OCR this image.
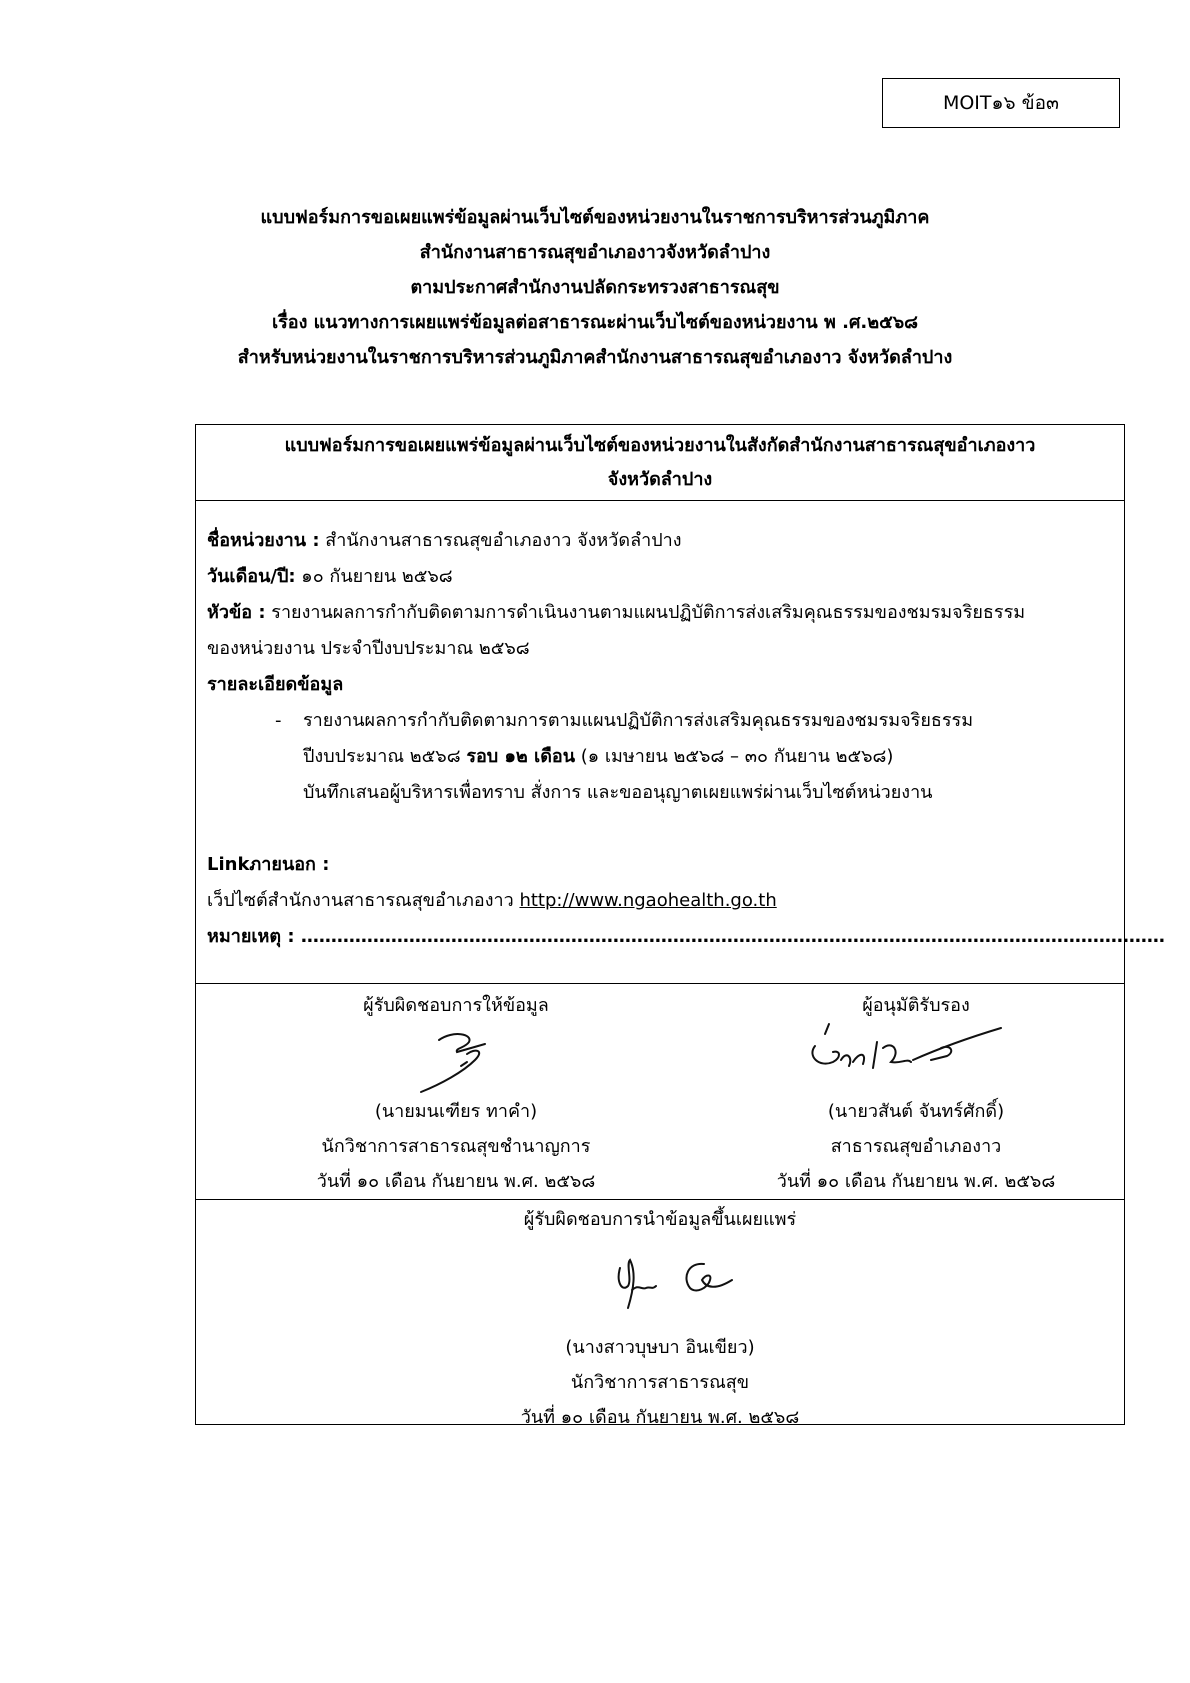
MOIT๑๖ ข้อ๓
แบบฟอร์มการขอเผยแพร่ข้อมูลผ่านเว็บไซต์ของหน่วยงานในราชการบริหารส่วนภูมิภาค
สำนักงานสาธารณสุขอำเภองาวจังหวัดลำปาง
ตามประกาศสำนักงานปลัดกระทรวงสาธารณสุข
เรื่อง แนวทางการเผยแพร่ข้อมูลต่อสาธารณะผ่านเว็บไซต์ของหน่วยงาน พ .ศ.๒๕๖๘
สำหรับหน่วยงานในราชการบริหารส่วนภูมิภาคสำนักงานสาธารณสุขอำเภองาว จังหวัดลำปาง
แบบฟอร์มการขอเผยแพร่ข้อมูลผ่านเว็บไซต์ของหน่วยงานในสังกัดสำนักงานสาธารณสุขอำเภองาว
จังหวัดลำปาง
ชื่อหน่วยงาน : สำนักงานสาธารณสุขอำเภองาว จังหวัดลำปาง
วันเดือน/ปี: ๑๐ กันยายน ๒๕๖๘
หัวข้อ : รายงานผลการกำกับติดตามการดำเนินงานตามแผนปฏิบัติการส่งเสริมคุณธรรมของชมรมจริยธรรม
ของหน่วยงาน ประจำปีงบประมาณ ๒๕๖๘
รายละเอียดข้อมูล
- รายงานผลการกำกับติดตามการตามแผนปฏิบัติการส่งเสริมคุณธรรมของชมรมจริยธรรม
ปีงบประมาณ ๒๕๖๘ รอบ ๑๒ เดือน (๑ เมษายน ๒๕๖๘ – ๓๐ กันยาน ๒๕๖๘)
บันทึกเสนอผู้บริหารเพื่อทราบ สั่งการ และขออนุญาตเผยแพร่ผ่านเว็บไซต์หน่วยงาน
Linkภายนอก :
เว็ปไซต์สำนักงานสาธารณสุขอำเภองาว http://www.ngaohealth.go.th
หมายเหตุ : ………………………………………………………………………………………………………………………………
ผู้รับผิดชอบการให้ข้อมูล
(นายมนเฑียร ทาคำ)
นักวิชาการสาธารณสุขชำนาญการ
วันที่ ๑๐ เดือน กันยายน พ.ศ. ๒๕๖๘
ผู้อนุมัติรับรอง
(นายวสันต์ จันทร์ศักดิ์)
สาธารณสุขอำเภองาว
วันที่ ๑๐ เดือน กันยายน พ.ศ. ๒๕๖๘
ผู้รับผิดชอบการนำข้อมูลขึ้นเผยแพร่
(นางสาวบุษบา อินเขียว)
นักวิชาการสาธารณสุข
วันที่ ๑๐ เดือน กันยายน พ.ศ. ๒๕๖๘
